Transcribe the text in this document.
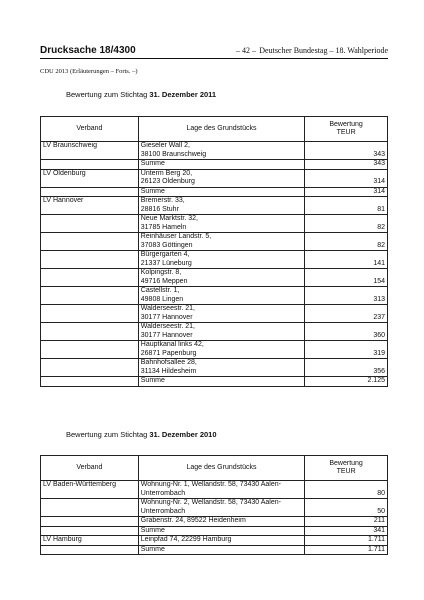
Drucksache 18/4300	– 42 – Deutscher Bundestag – 18. Wahlperiode
CDU 2013 (Erläuterungen – Forts. –)
Bewertung zum Stichtag 31. Dezember 2011
Verband	Lage des Grundstücks	Bewertung
TEUR
LV Braunschweig	Gieseler Wall 2,
38100 Braunschweig	343
	Summe	343
LV Oldenburg	Unterm Berg 20,
26123 Oldenburg	314
	Summe	314
LV Hannover	Bremerstr. 33,
28816 Stuhr	81
	Neue Marktstr. 32,
31785 Hameln	82
	Reinhäuser Landstr. 5,
37083 Göttingen	82
	Bürgergarten 4,
21337 Lüneburg	141
	Kolpingstr. 8,
49716 Meppen	154
	Castellstr. 1,
49808 Lingen	313
	Walderseestr. 21,
30177 Hannover	237
	Walderseestr. 21,
30177 Hannover	360
	Hauptkanal links 42,
26871 Papenburg	319
	Bahnhofsallee 28,
31134 Hildesheim	356
	Summe	2.125
Bewertung zum Stichtag 31. Dezember 2010
Verband	Lage des Grundstücks	Bewertung
TEUR
LV Baden-Württemberg	Wohnung-Nr. 1, Wellandstr. 58, 73430 Aalen-
Unterrombach	80
	Wohnung-Nr. 2, Wellandstr. 58, 73430 Aalen-
Unterrombach	50
	Grabenstr. 24, 89522 Heidenheim	211
	Summe	341
LV Hamburg	Leinpfad 74, 22299 Hamburg	1.711
	Summe	1.711
